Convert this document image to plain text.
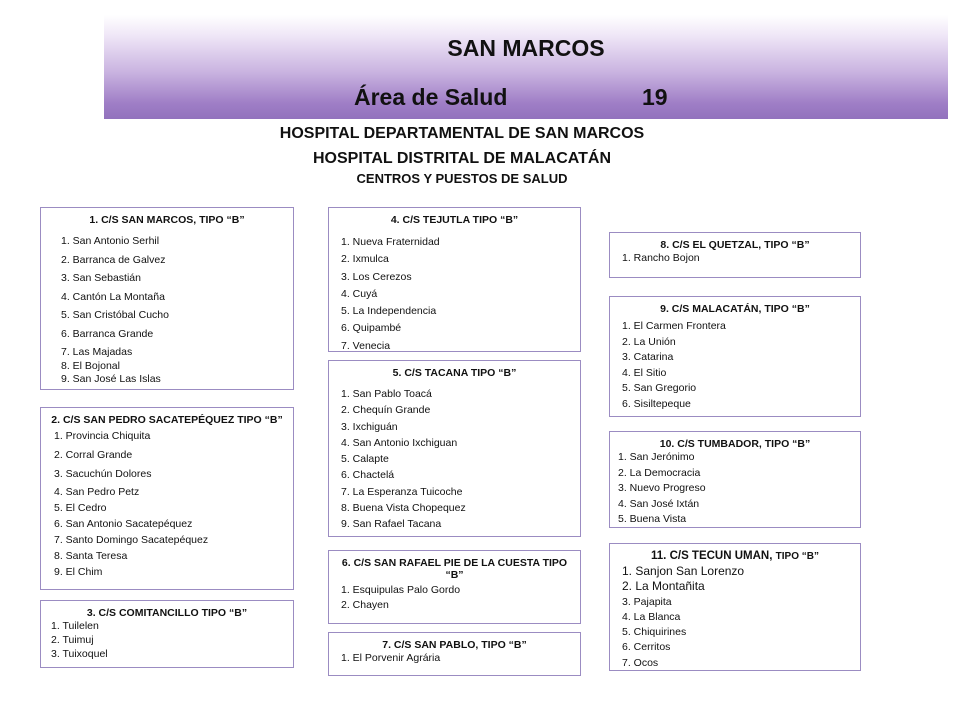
SAN MARCOS
Área de Salud	19
HOSPITAL DEPARTAMENTAL DE SAN MARCOS
HOSPITAL DISTRITAL DE MALACATÁN
CENTROS Y PUESTOS DE SALUD
1. C/S SAN MARCOS, TIPO “B”
1. San Antonio Serhil
2. Barranca de Galvez
3. San Sebastián
4. Cantón La Montaña
5. San Cristóbal Cucho
6. Barranca Grande
7. Las Majadas
8. El Bojonal
9. San José Las Islas
2. C/S SAN PEDRO SACATEPÉQUEZ TIPO “B”
1. Provincia Chiquita
2. Corral Grande
3. Sacuchún Dolores
4. San Pedro Petz
5. El Cedro
6. San Antonio Sacatepéquez
7. Santo Domingo Sacatepéquez
8. Santa Teresa
9. El Chim
3. C/S COMITANCILLO TIPO “B”
1. Tuilelen
2. Tuimuj
3. Tuixoquel
4. C/S TEJUTLA TIPO “B”
1. Nueva Fraternidad
2. Ixmulca
3. Los Cerezos
4. Cuyá
5. La Independencia
6. Quipambé
7. Venecia
5. C/S TACANA TIPO “B”
1. San Pablo Toacá
2. Chequín Grande
3. Ixchiguán
4. San Antonio Ixchiguan
5. Calapte
6. Chactelá
7. La Esperanza Tuicoche
8. Buena Vista Chopequez
9. San Rafael Tacana
6. C/S SAN RAFAEL PIE DE LA CUESTA TIPO “B”
1. Esquipulas Palo Gordo
2. Chayen
7. C/S SAN PABLO, TIPO “B”
1. El Porvenir Agrária
8. C/S EL QUETZAL, TIPO “B”
1. Rancho Bojon
9. C/S MALACATÁN, TIPO “B”
1. El Carmen Frontera
2. La Unión
3. Catarina
4. El Sitio
5. San Gregorio
6. Sisiltepeque
10. C/S TUMBADOR, TIPO “B”
1. San Jerónimo
2. La Democracia
3. Nuevo Progreso
4. San José Ixtán
5. Buena Vista
11. C/S TECUN UMAN, TIPO “B”
1. Sanjon San Lorenzo
2. La Montañita
3. Pajapita
4. La Blanca
5. Chiquirines
6. Cerritos
7. Ocos
